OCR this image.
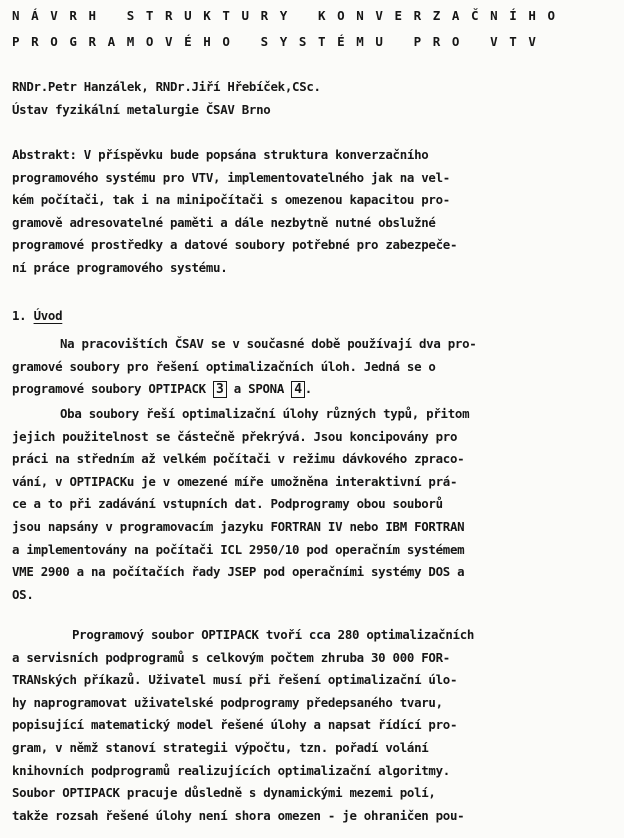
NÁVRH STRUKTURY KONVERZAČNÍHO
PROGRAMOVÉHO SYSTÉMU PRO VTV
RNDr.Petr Hanzálek, RNDr.Jiří Hřebíček,CSc.
Ústav fyzikální metalurgie ČSAV Brno
Abstrakt: V příspěvku bude popsána struktura konverzačního
programového systému pro VTV, implementovatelného jak na vel-
kém počítači, tak i na minipočítači s omezenou kapacitou pro-
gramově adresovatelné paměti a dále nezbytně nutné obslužné
programové prostředky a datové soubory potřebné pro zabezpeče-
ní práce programového systému.
1. Úvod
Na pracovištích ČSAV se v současné době používají dva pro-
gramové soubory pro řešení optimalizačních úloh. Jedná se o
programové soubory OPTIPACK 3 a SPONA 4 .
Oba soubory řeší optimalizační úlohy různých typů, přitom
jejich použitelnost se částečně překrývá. Jsou koncipovány pro
práci na středním až velkém počítači v režimu dávkového zpraco-
vání, v OPTIPACKu je v omezené míře umožněna interaktivní prá-
ce a to při zadávání vstupních dat. Podprogramy obou souborů
jsou napsány v programovacím jazyku FORTRAN IV nebo IBM FORTRAN
a implementovány na počítači ICL 2950/10 pod operačním systémem
VME 2900 a na počítačích řady JSEP pod operačními systémy DOS a
OS.
Programový soubor OPTIPACK tvoří cca 280 optimalizačních
a servisních podprogramů s celkovým počtem zhruba 30 000 FOR-
TRANských příkazů. Uživatel musí při řešení optimalizační úlo-
hy naprogramovat uživatelské podprogramy předepsaného tvaru,
popisující matematický model řešené úlohy a napsat řídící pro-
gram, v němž stanoví strategii výpočtu, tzn. pořadí volání
knihovních podprogramů realizujících optimalizační algoritmy.
Soubor OPTIPACK pracuje důsledně s dynamickými mezemi polí,
takže rozsah řešené úlohy není shora omezen - je ohraničen pou-
